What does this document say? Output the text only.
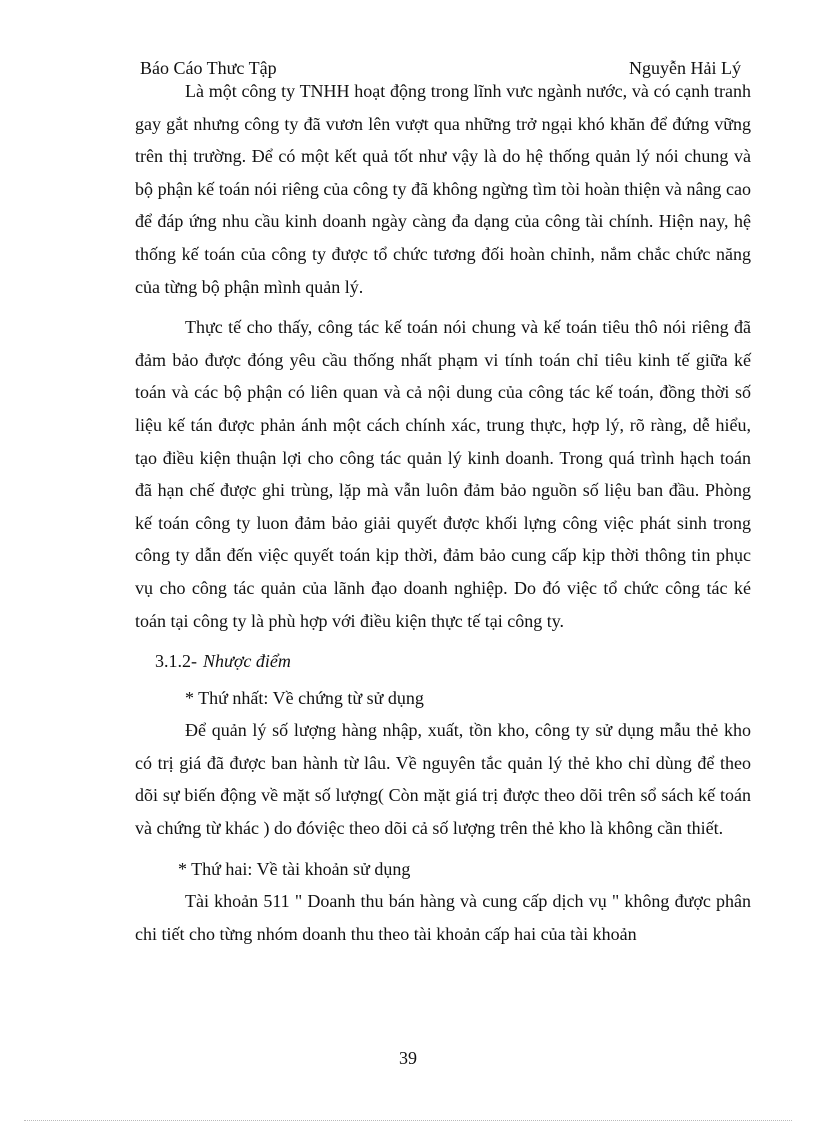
Báo Cáo Thưc Tập	Nguyễn Hải Lý

Là một công ty TNHH hoạt động trong lĩnh vưc ngành nước, và có cạnh tranh gay gắt nhưng công ty đã vươn lên vượt qua những trở ngại khó khăn để đứng vững trên thị trường. Để có một kết quả tốt như vậy là do hệ thống quản lý nói chung và bộ phận kế toán nói riêng của công ty đã không ngừng tìm tòi hoàn thiện và nâng cao để đáp ứng nhu cầu kinh doanh ngày càng đa dạng của công tài chính. Hiện nay, hệ thống kế toán của công ty được tổ chức tương đối hoàn chỉnh, nắm chắc chức năng của từng bộ phận mình quản lý.

Thực tế cho thấy, công tác kế toán nói chung và kế toán tiêu thô nói riêng đã đảm bảo được đóng yêu cầu thống nhất phạm vi tính toán chỉ tiêu kinh tế giữa kế toán và các bộ phận có liên quan và cả nội dung của công tác kế toán, đồng thời số liệu kế tán được phản ánh một cách chính xác, trung thực, hợp lý, rõ ràng, dễ hiểu, tạo điều kiện thuận lợi cho công tác quản lý kinh doanh. Trong quá trình hạch toán đã hạn chế được ghi trùng, lặp mà vẫn luôn đảm bảo nguồn số liệu ban đầu. Phòng kế toán công ty luon đảm bảo giải quyết được khối lựng công việc phát sinh trong công ty dẫn đến việc quyết toán kịp thời, đảm bảo cung cấp kịp thời thông tin phục vụ cho công tác quản của lãnh đạo doanh nghiệp. Do đó việc tổ chức công tác ké toán tại công ty là phù hợp với điều kiện thực tế tại công ty.

3.1.2- Nhược điểm
* Thứ nhất: Về chứng từ sử dụng

Để quản lý số lượng hàng nhập, xuất, tồn kho, công ty sử dụng mẫu thẻ kho có trị giá đã được ban hành từ lâu. Về nguyên tắc quản lý thẻ kho chỉ dùng để theo dõi sự biến động về mặt số lượng( Còn mặt giá trị được theo dõi trên sổ sách kế toán và chứng từ khác ) do đóviệc theo dõi cả số lượng trên thẻ kho là không cần thiết.

* Thứ hai: Về tài khoản sử dụng

Tài khoản 511 " Doanh thu bán hàng và cung cấp dịch vụ " không được phân chi tiết cho từng nhóm doanh thu theo tài khoản cấp hai của tài khoản

39
